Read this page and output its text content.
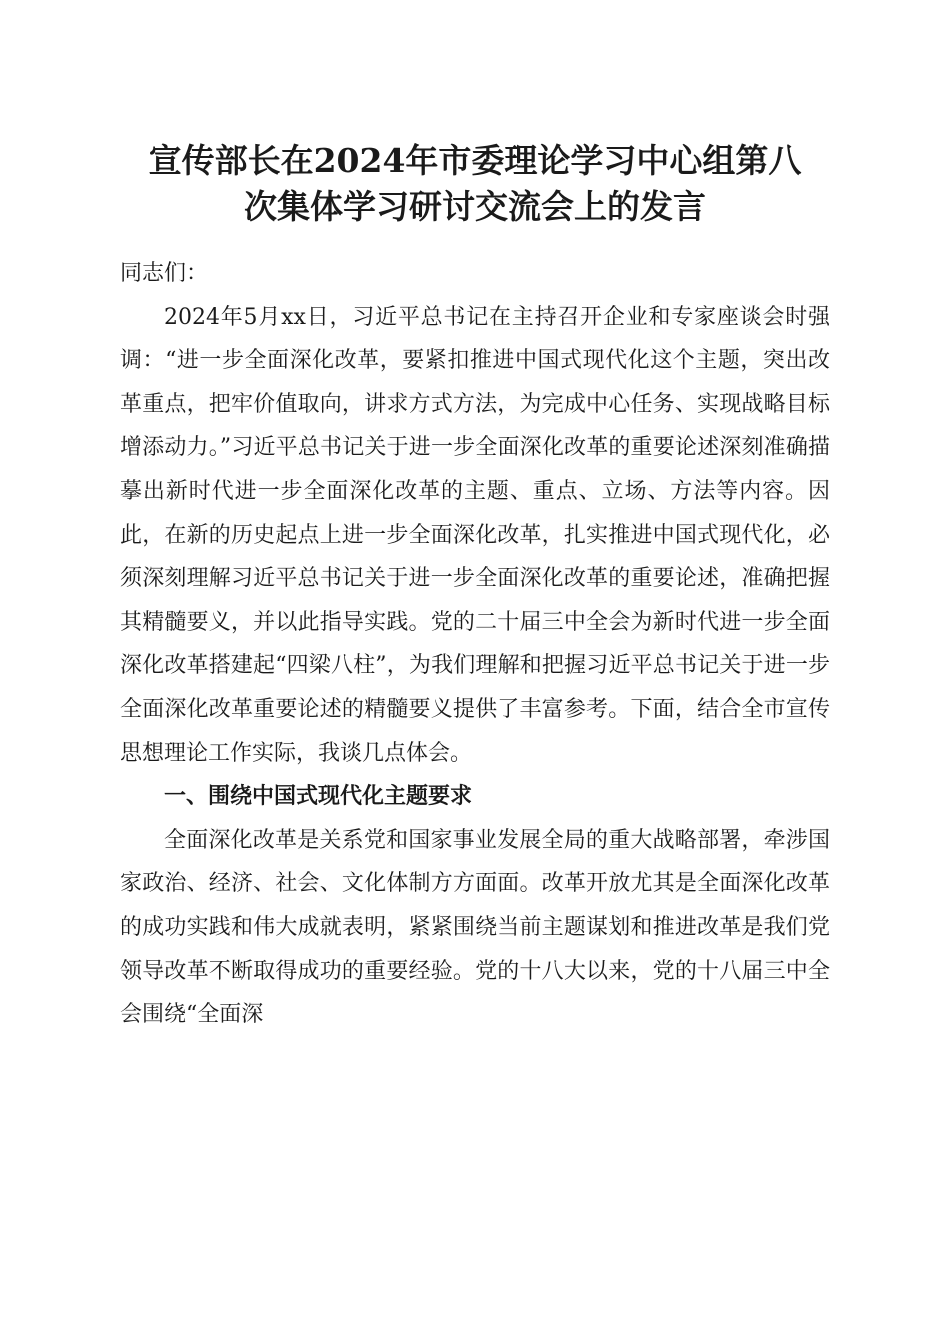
宣传部长在2024年市委理论学习中心组第八
次集体学习研讨交流会上的发言

同志们：

2024年5月xx日，习近平总书记在主持召开企业和专家座谈会时强调：“进一步全面深化改革，要紧扣推进中国式现代化这个主题，突出改革重点，把牢价值取向，讲求方式方法，为完成中心任务、实现战略目标增添动力。”习近平总书记关于进一步全面深化改革的重要论述深刻准确描摹出新时代进一步全面深化改革的主题、重点、立场、方法等内容。因此，在新的历史起点上进一步全面深化改革，扎实推进中国式现代化，必须深刻理解习近平总书记关于进一步全面深化改革的重要论述，准确把握其精髓要义，并以此指导实践。党的二十届三中全会为新时代进一步全面深化改革搭建起“四梁八柱”，为我们理解和把握习近平总书记关于进一步全面深化改革重要论述的精髓要义提供了丰富参考。下面，结合全市宣传思想理论工作实际，我谈几点体会。

一、围绕中国式现代化主题要求

全面深化改革是关系党和国家事业发展全局的重大战略部署，牵涉国家政治、经济、社会、文化体制方方面面。改革开放尤其是全面深化改革的成功实践和伟大成就表明，紧紧围绕当前主题谋划和推进改革是我们党领导改革不断取得成功的重要经验。党的十八大以来，党的十八届三中全会围绕“全面深
